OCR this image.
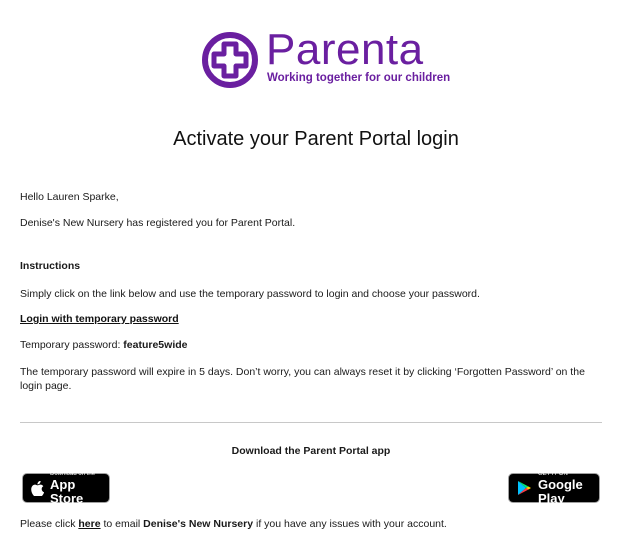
Parenta
Working together for our children
Activate your Parent Portal login
Hello Lauren Sparke,
Denise's New Nursery has registered you for Parent Portal.
Instructions
Simply click on the link below and use the temporary password to login and choose your password.
Login with temporary password
Temporary password: feature5wide
The temporary password will expire in 5 days. Don’t worry, you can always reset it by clicking ‘Forgotten Password’ on the login page.
Download the Parent Portal app
Download on the
App Store
GET IT ON
Google Play
Please click here to email Denise's New Nursery if you have any issues with your account.
